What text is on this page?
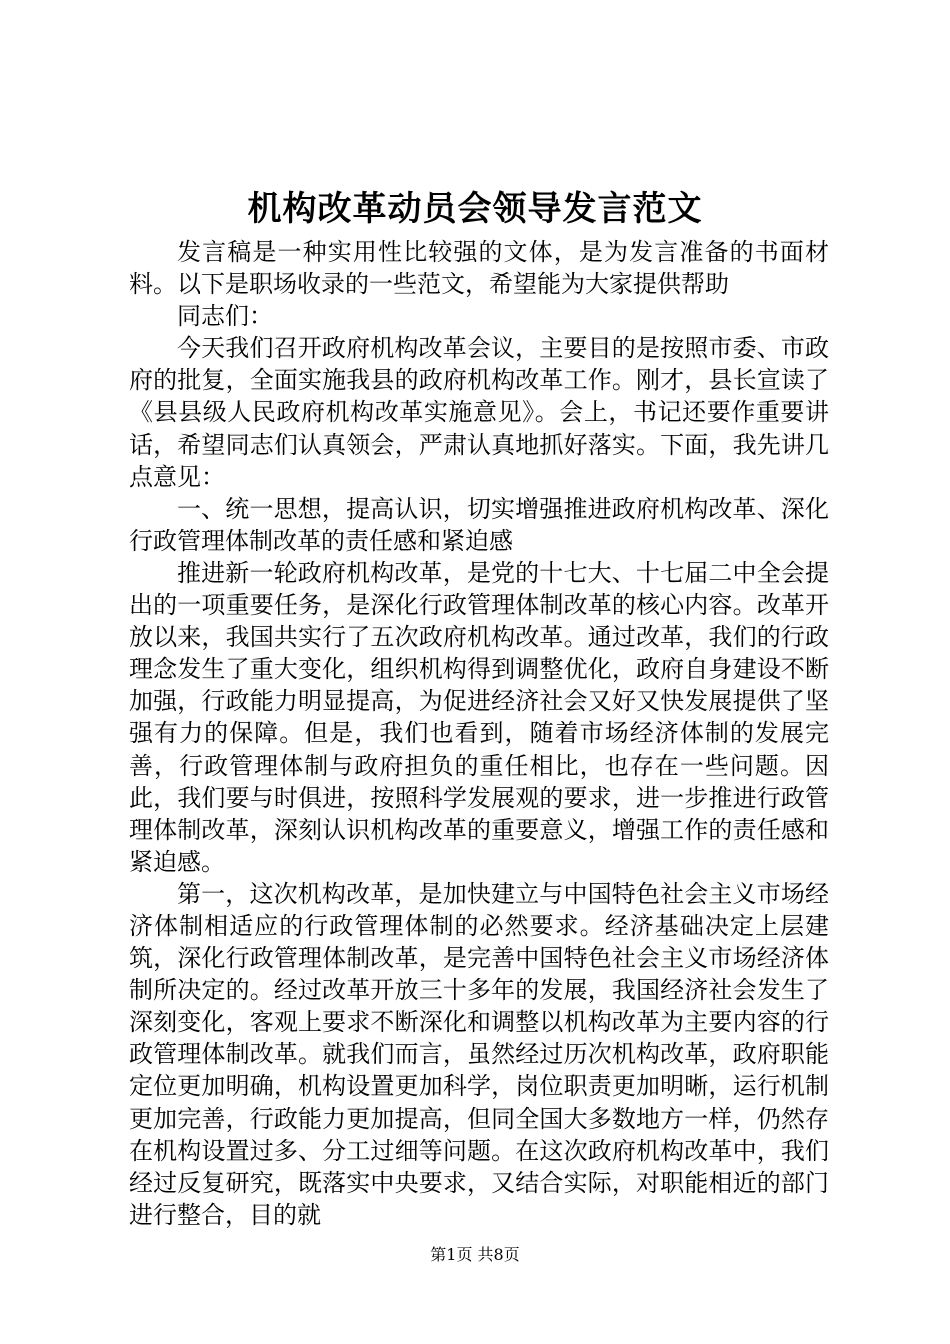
机构改革动员会领导发言范文

发言稿是一种实用性比较强的文体，是为发言准备的书面材料。以下是职场收录的一些范文，希望能为大家提供帮助

同志们：

今天我们召开政府机构改革会议，主要目的是按照市委、市政府的批复，全面实施我县的政府机构改革工作。刚才，县长宣读了《县县级人民政府机构改革实施意见》。会上，书记还要作重要讲话，希望同志们认真领会，严肃认真地抓好落实。下面，我先讲几点意见：

一、统一思想，提高认识，切实增强推进政府机构改革、深化行政管理体制改革的责任感和紧迫感

推进新一轮政府机构改革，是党的十七大、十七届二中全会提出的一项重要任务，是深化行政管理体制改革的核心内容。改革开放以来，我国共实行了五次政府机构改革。通过改革，我们的行政理念发生了重大变化，组织机构得到调整优化，政府自身建设不断加强，行政能力明显提高，为促进经济社会又好又快发展提供了坚强有力的保障。但是，我们也看到，随着市场经济体制的发展完善，行政管理体制与政府担负的重任相比，也存在一些问题。因此，我们要与时俱进，按照科学发展观的要求，进一步推进行政管理体制改革，深刻认识机构改革的重要意义，增强工作的责任感和紧迫感。

第一，这次机构改革，是加快建立与中国特色社会主义市场经济体制相适应的行政管理体制的必然要求。经济基础决定上层建筑，深化行政管理体制改革，是完善中国特色社会主义市场经济体制所决定的。经过改革开放三十多年的发展，我国经济社会发生了深刻变化，客观上要求不断深化和调整以机构改革为主要内容的行政管理体制改革。就我们而言，虽然经过历次机构改革，政府职能定位更加明确，机构设置更加科学，岗位职责更加明晰，运行机制更加完善，行政能力更加提高，但同全国大多数地方一样，仍然存在机构设置过多、分工过细等问题。在这次政府机构改革中，我们经过反复研究，既落实中央要求，又结合实际，对职能相近的部门进行整合，目的就

第1页 共8页
